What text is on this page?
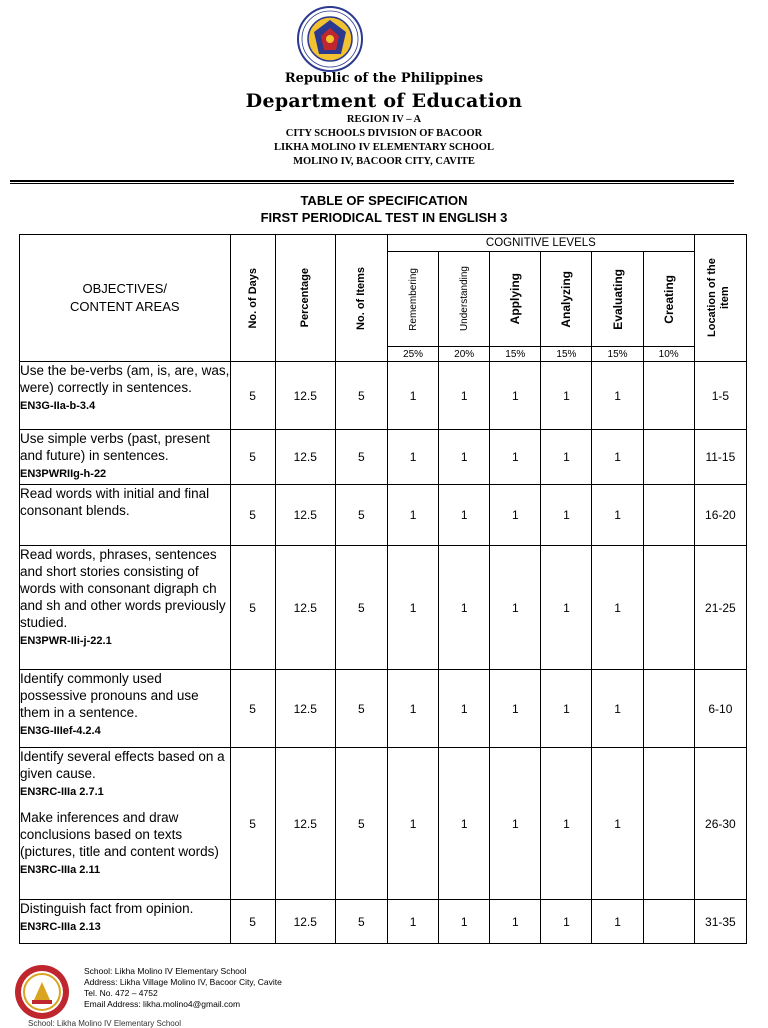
Republic of the Philippines
Department of Education
REGION IV – A
CITY SCHOOLS DIVISION OF BACOOR
LIKHA MOLINO IV ELEMENTARY SCHOOL
MOLINO IV, BACOOR CITY, CAVITE
TABLE OF SPECIFICATION
FIRST PERIODICAL TEST IN ENGLISH 3
OBJECTIVES/
CONTENT AREAS	No. of Days	Percentage	No. of Items	COGNITIVE LEVELS						Location of the item

				Remembering	Understanding	Applying	Analyzing	Evaluating	Creating	

				25%	20%	15%	15%	15%	10%	
Use the be-verbs (am, is, are, was, were) correctly in sentences.
EN3G-IIa-b-3.4	5	12.5	5	1	1	1	1	1		1-5
Use simple verbs (past, present and future) in sentences. EN3PWRIIg-h-22	5	12.5	5	1	1	1	1	1		11-15
Read words with initial and final consonant blends.	5	12.5	5	1	1	1	1	1		16-20
Read words, phrases, sentences and short stories consisting of words with consonant digraph ch and sh and other words previously studied.
EN3PWR-IIi-j-22.1	5	12.5	5	1	1	1	1	1		21-25
Identify commonly used possessive pronouns and use them in a sentence.
EN3G-IIIef-4.2.4	5	12.5	5	1	1	1	1	1		6-10
Identify several effects based on a given cause.
EN3RC-IIIa 2.7.1
Make inferences and draw conclusions based on texts (pictures, title and content words)
EN3RC-IIIa 2.11	5	12.5	5	1	1	1	1	1		26-30
Distinguish fact from opinion. EN3RC-IIIa 2.13	5	12.5	5	1	1	1	1	1		31-35
School: Likha Molino IV Elementary School
Address: Likha Village Molino IV, Bacoor City, Cavite
Tel. No. 472 – 4752
Email Address: likha.molino4@gmail.com
School: Likha Molino IV Elementary School
